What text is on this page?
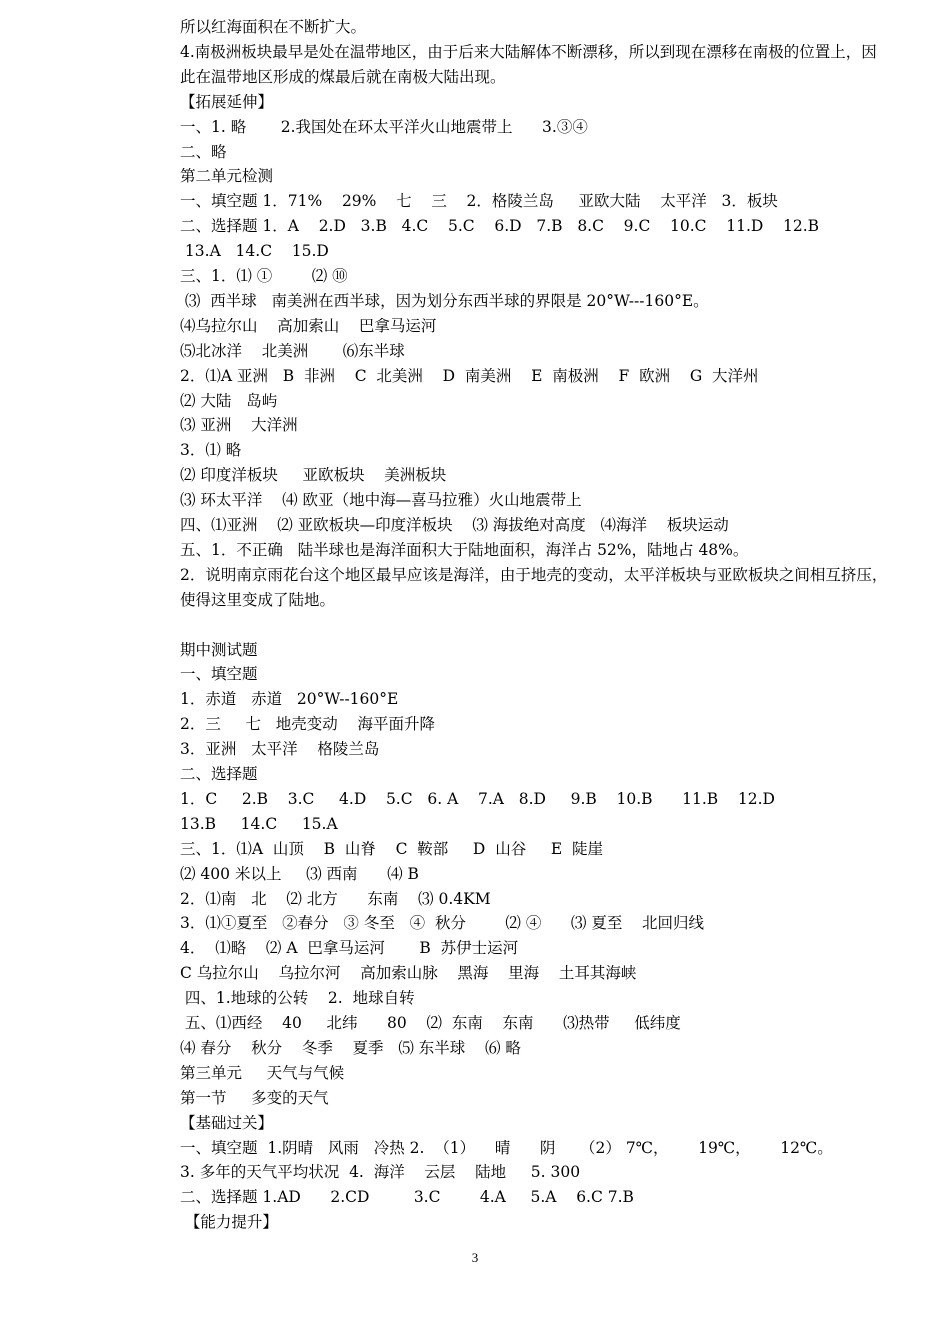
所以红海面积在不断扩大。
4.南极洲板块最早是处在温带地区，由于后来大陆解体不断漂移，所以到现在漂移在南极的位置上，因
此在温带地区形成的煤最后就在南极大陆出现。
【拓展延伸】
一、1. 略       2.我国处在环太平洋火山地震带上      3.③④
二、略
第二单元检测
一、填空题 1．71%    29%    七    三    2．格陵兰岛     亚欧大陆    太平洋   3．板块
二、选择题 1．A    2.D   3.B   4.C    5.C    6.D   7.B   8.C    9.C    10.C    11.D    12.B
13.A   14.C    15.D
三、1．⑴ ①        ⑵ ⑩
⑶  西半球   南美洲在西半球，因为划分东西半球的界限是 20°W---160°E。
⑷乌拉尔山    高加索山    巴拿马运河
⑸北冰洋    北美洲       ⑹东半球
2．⑴A 亚洲   B  非洲    C  北美洲    D  南美洲    E  南极洲    F  欧洲    G  大洋州
⑵ 大陆   岛屿
⑶ 亚洲    大洋洲
3．⑴ 略
⑵ 印度洋板块     亚欧板块    美洲板块
⑶ 环太平洋    ⑷ 欧亚（地中海—喜马拉雅）火山地震带上
四、⑴亚洲    ⑵ 亚欧板块—印度洋板块    ⑶ 海拔绝对高度   ⑷海洋    板块运动
五、1．不正确   陆半球也是海洋面积大于陆地面积，海洋占 52%，陆地占 48%。
2．说明南京雨花台这个地区最早应该是海洋，由于地壳的变动，太平洋板块与亚欧板块之间相互挤压，
使得这里变成了陆地。
期中测试题
一、填空题
1．赤道   赤道   20°W--160°E
2．三     七   地壳变动    海平面升降
3．亚洲   太平洋    格陵兰岛
二、选择题
1．C     2.B    3.C     4.D    5.C   6. A    7.A   8.D     9.B    10.B      11.B    12.D
13.B     14.C     15.A
三、1．⑴A  山顶    B  山脊    C  鞍部     D  山谷     E  陡崖
⑵ 400 米以上     ⑶ 西南      ⑷ B
2．⑴南   北    ⑵ 北方      东南    ⑶ 0.4KM
3．⑴①夏至   ②春分   ③ 冬至   ④  秋分        ⑵ ④      ⑶ 夏至    北回归线
4．  ⑴略    ⑵ A  巴拿马运河       B  苏伊士运河
C 乌拉尔山    乌拉尔河    高加索山脉    黑海    里海    土耳其海峡
四、1.地球的公转    2.  地球自转
五、⑴西经    40     北纬      80    ⑵  东南    东南      ⑶热带     低纬度
⑷ 春分    秋分    冬季    夏季   ⑸ 东半球    ⑹ 略
第三单元     天气与气候
第一节     多变的天气
【基础过关】
一、填空题  1.阴晴   风雨   冷热 2.  （1）    晴      阴     （2） 7℃，      19℃，      12℃。
3. 多年的天气平均状况  4.  海洋    云层    陆地     5. 300
二、选择题 1.AD      2.CD         3.C        4.A     5.A    6.C 7.B
【能力提升】
3
